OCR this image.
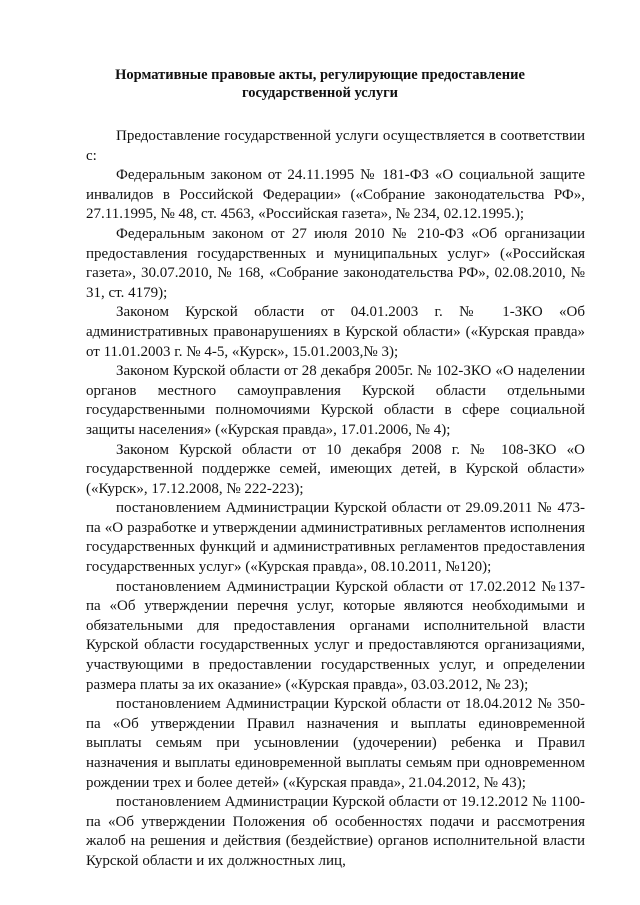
Нормативные правовые акты, регулирующие предоставление
государственной услуги

Предоставление государственной услуги осуществляется в соответствии с:

Федеральным законом от 24.11.1995 № 181-ФЗ «О социальной защите инвалидов в Российской Федерации» («Собрание законодательства РФ», 27.11.1995, № 48, ст. 4563, «Российская газета», № 234, 02.12.1995.);

Федеральным законом от 27 июля 2010 № 210-ФЗ «Об организации предоставления государственных и муниципальных услуг» («Российская газета», 30.07.2010, № 168, «Собрание законодательства РФ», 02.08.2010, № 31, ст. 4179);

Законом Курской области от 04.01.2003 г. № 1-ЗКО «Об административных правонарушениях в Курской области» («Курская правда» от 11.01.2003 г. № 4-5, «Курск», 15.01.2003,№ 3);

Законом Курской области от 28 декабря 2005г. № 102-ЗКО «О наделении органов местного самоуправления Курской области отдельными государственными полномочиями Курской области в сфере социальной защиты населения» («Курская правда», 17.01.2006, № 4);

Законом Курской области от 10 декабря 2008 г. № 108-ЗКО «О государственной поддержке семей, имеющих детей, в Курской области» («Курск», 17.12.2008, № 222-223);

постановлением Администрации Курской области от 29.09.2011 № 473-па «О разработке и утверждении административных регламентов исполнения государственных функций и административных регламентов предоставления государственных услуг» («Курская правда», 08.10.2011, №120);

постановлением Администрации Курской области от 17.02.2012 №137-па «Об утверждении перечня услуг, которые являются необходимыми и обязательными для предоставления органами исполнительной власти Курской области государственных услуг и предоставляются организациями, участвующими в предоставлении государственных услуг, и определении размера платы за их оказание» («Курская правда», 03.03.2012, № 23);

постановлением Администрации Курской области от 18.04.2012 № 350-па «Об утверждении Правил назначения и выплаты единовременной выплаты семьям при усыновлении (удочерении) ребенка и Правил назначения и выплаты единовременной выплаты семьям при одновременном рождении трех и более детей» («Курская правда», 21.04.2012, № 43);

постановлением Администрации Курской области от 19.12.2012 № 1100-па «Об утверждении Положения об особенностях подачи и рассмотрения жалоб на решения и действия (бездействие) органов исполнительной власти Курской области и их должностных лиц,
